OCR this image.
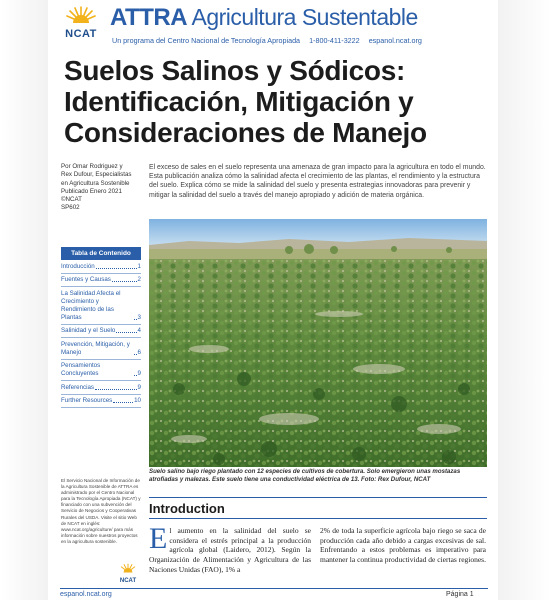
NCAT
ATTRA Agricultura Sustentable
Un programa del Centro Nacional de Tecnología Apropiada 1-800-411-3222 espanol.ncat.org
Suelos Salinos y Sódicos:
Identificación, Mitigación y
Consideraciones de Manejo
Por Omar Rodriguez y
Rex Dufour, Especialistas
en Agricultura Sostenible
Publicado Enero 2021
©NCAT
SP602
Tabla de Contenido
Introducción	1
Fuentes y Causas	2
La Salinidad Afecta el Crecimiento y Rendimiento de las Plantas	3
Salinidad y el Suelo	4
Prevención, Mitigación, y Manejo	6
Pensamientos Concluyentes	9
Referencias	9
Further Resources	10
El Servicio Nacional de Información de la Agricultura Sostenible de ATTRA es administrado por el Centro Nacional para la Tecnología Apropiada (NCAT) y financiado con una subvención del Servicio de Negocios y Cooperativas Rurales del USDA. Visite el sitio Web de NCAT en inglés: www.ncat.org/agriculture/ para más información sobre nuestros proyectos en la agricultura sostenible.
NCAT
El exceso de sales en el suelo representa una amenaza de gran impacto para la agricultura en todo el mundo. Esta publicación analiza cómo la salinidad afecta el crecimiento de las plantas, el rendimiento y la estructura del suelo. Explica cómo se mide la salinidad del suelo y presenta estrategias innovadoras para prevenir y mitigar la salinidad del suelo a través del manejo apropiado y adición de materia orgánica.
Suelo salino bajo riego plantado con 12 especies de cultivos de cobertura. Solo emergieron unas mostazas atrofiadas y malezas. Este suelo tiene una conductividad eléctrica de 13. Foto: Rex Dufour, NCAT
Introduction
El aumento en la salinidad del suelo se considera el estrés principal a la producción agrícola global (Laidero, 2012). Según la Organización de Alimentación y Agricultura de las Naciones Unidas (FAO), 1% a
2% de toda la superficie agrícola bajo riego se saca de producción cada año debido a cargas excesivas de sal. Enfrentando a estos problemas es imperativo para mantener la continua productividad de ciertas regiones.
espanol.ncat.org	Página 1
